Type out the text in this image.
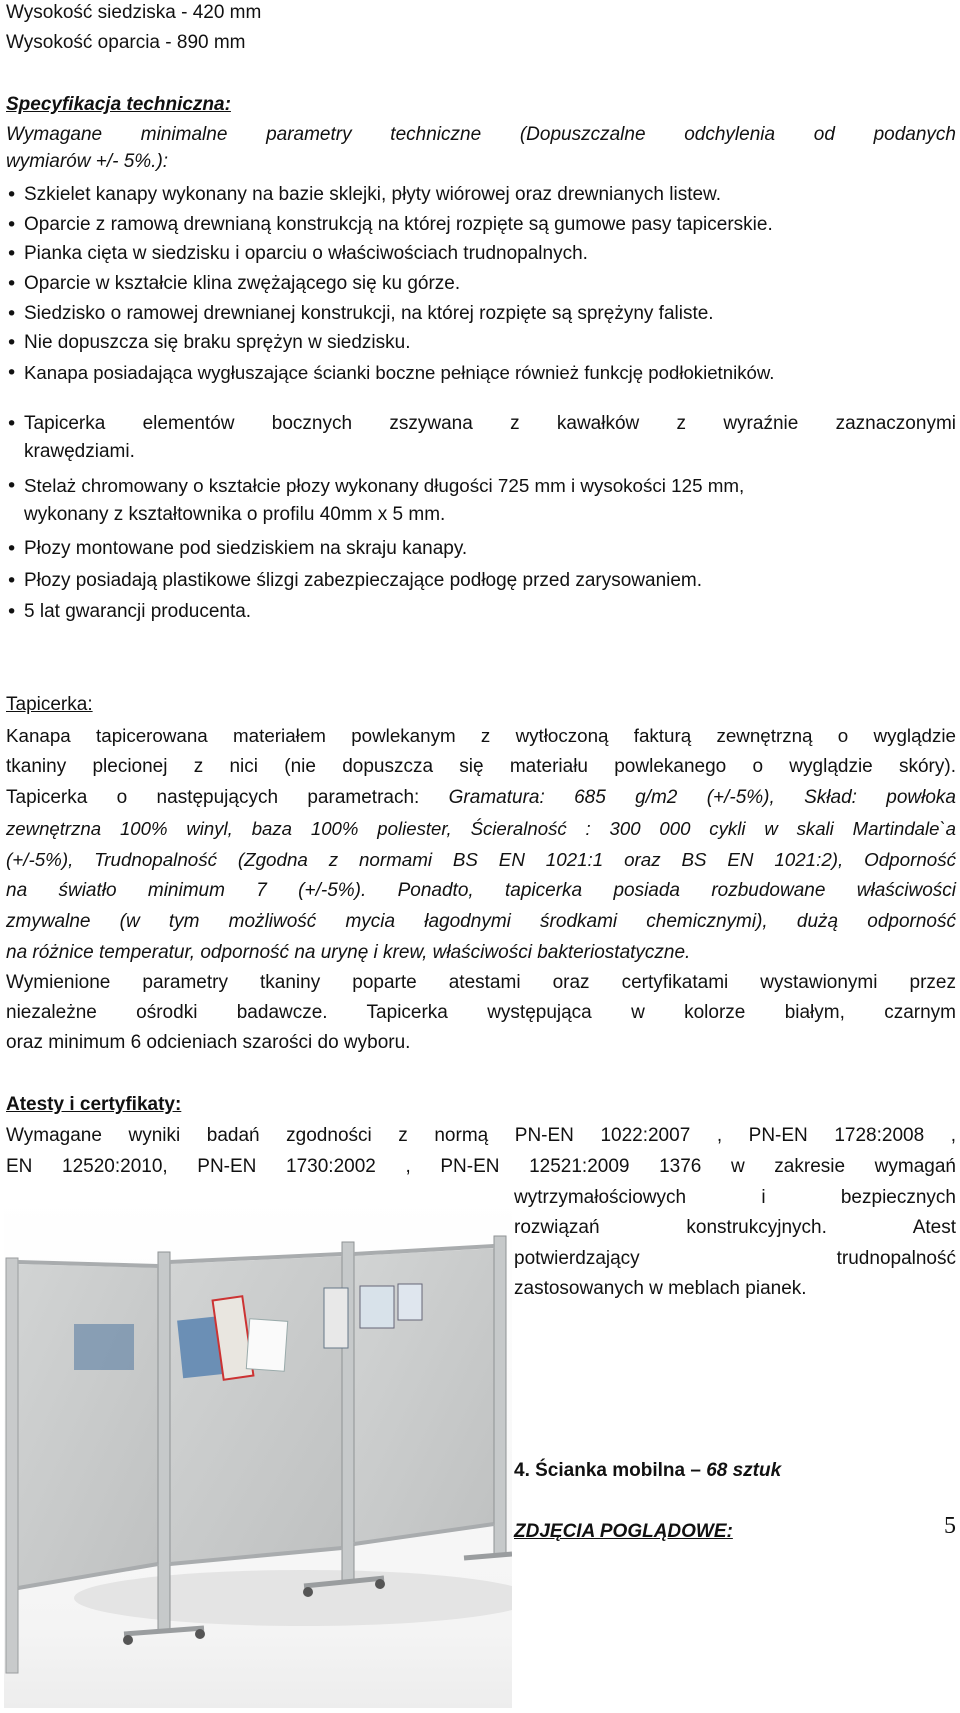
Wysokość siedziska - 420 mm
Wysokość oparcia - 890 mm
Specyfikacja techniczna:
Wymagane minimalne parametry techniczne (Dopuszczalne odchylenia od podanych
wymiarów +/- 5%.):
• Szkielet kanapy wykonany na bazie sklejki, płyty wiórowej oraz drewnianych listew.
• Oparcie z ramową drewnianą konstrukcją na której rozpięte są gumowe pasy tapicerskie.
• Pianka cięta w siedzisku i oparciu o właściwościach trudnopalnych.
• Oparcie w kształcie klina zwężającego się ku górze.
• Siedzisko o ramowej drewnianej konstrukcji, na której rozpięte są sprężyny faliste.
• Nie dopuszcza się braku sprężyn w siedzisku.
• Kanapa posiadająca wygłuszające ścianki boczne pełniące również funkcję podłokietników.
• Tapicerka elementów bocznych zszywana z kawałków z wyraźnie zaznaczonymi
krawędziami.
• Stelaż chromowany o kształcie płozy wykonany długości 725 mm i wysokości 125 mm,
wykonany z kształtownika o profilu 40mm x 5 mm.
• Płozy montowane pod siedziskiem na skraju kanapy.
• Płozy posiadają plastikowe ślizgi zabezpieczające podłogę przed zarysowaniem.
• 5 lat gwarancji producenta.
Tapicerka:
Kanapa tapicerowana materiałem powlekanym z wytłoczoną fakturą zewnętrzną o wyglądzie
tkaniny plecionej z nici (nie dopuszcza się materiału powlekanego o wyglądzie skóry).
Tapicerka o następujących parametrach: Gramatura: 685 g/m2 (+/-5%), Skład: powłoka
zewnętrzna 100% winyl, baza 100% poliester, Ścieralność : 300 000 cykli w skali Martindale`a
(+/-5%), Trudnopalność (Zgodna z normami BS EN 1021:1 oraz BS EN 1021:2), Odporność
na światło minimum 7 (+/-5%). Ponadto, tapicerka posiada rozbudowane właściwości
zmywalne (w tym możliwość mycia łagodnymi środkami chemicznymi), dużą odporność
na różnice temperatur, odporność na urynę i krew, właściwości bakteriostatyczne.
Wymienione parametry tkaniny poparte atestami oraz certyfikatami wystawionymi przez
niezależne ośrodki badawcze. Tapicerka występująca w kolorze białym, czarnym
oraz minimum 6 odcieniach szarości do wyboru.
Atesty i certyfikaty:
Wymagane wyniki badań zgodności z normą PN-EN 1022:2007 , PN-EN 1728:2008 ,
EN 12520:2010, PN-EN 1730:2002 , PN-EN 12521:2009 1376 w zakresie wymagań
wytrzymałościowych i bezpiecznych
rozwiązań konstrukcyjnych. Atest
potwierdzający trudnopalność
zastosowanych w meblach pianek.
4. Ścianka mobilna – 68 sztuk
ZDJĘCIA POGLĄDOWE:	5
